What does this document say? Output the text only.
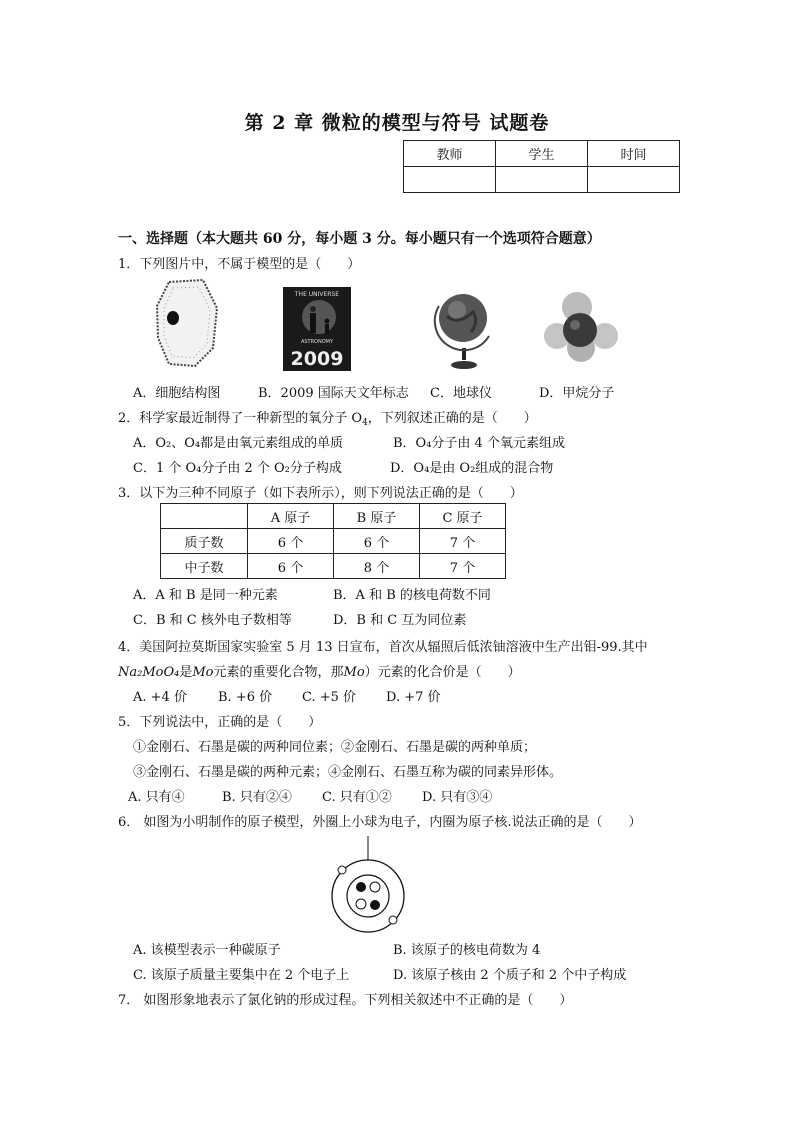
第 2 章 微粒的模型与符号 试题卷
教师	学生	时间

一、选择题（本大题共 60 分，每小题 3 分。每小题只有一个选项符合题意）
1．下列图片中，不属于模型的是（　　）
THE UNIVERSE
ASTRONOMY
2009
A．细胞结构图	B．2009 国际天文年标志 C．地球仪	D．甲烷分子
2．科学家最近制得了一种新型的氧分子 $O_4$，下列叙述正确的是（　　）
A．O₂、O₄都是由氧元素组成的单质	B．O₄分子由 4 个氧元素组成
C．1 个 O₄分子由 2 个 O₂分子构成	D．O₄是由 O₂组成的混合物
3．以下为三种不同原子（如下表所示），则下列说法正确的是（　　）
	A 原子	B 原子	C 原子
质子数	6 个	6 个	7 个
中子数	6 个	8 个	7 个
A．A 和 B 是同一种元素	B．A 和 B 的核电荷数不同
C．B 和 C 核外电子数相等	D．B 和 C 互为同位素
4．美国阿拉莫斯国家实验室 5 月 13 日宣布，首次从辐照后低浓铀溶液中生产出钼-99.其中
Na₂MoO₄是Mo元素的重要化合物，那Mo）元素的化合价是（　　）
A. +4 价 B. +6 价 C. +5 价 D. +7 价
5．下列说法中，正确的是（　　）
①金刚石、石墨是碳的两种同位素；②金刚石、石墨是碳的两种单质；
③金刚石、石墨是碳的两种元素；④金刚石、石墨互称为碳的同素异形体。
A. 只有④	B. 只有②④ C. 只有①② D. 只有③④
6． 如图为小明制作的原子模型，外圈上小球为电子，内圈为原子核.说法正确的是（　　）
A. 该模型表示一种碳原子	B. 该原子的核电荷数为 4
C. 该原子质量主要集中在 2 个电子上	D. 该原子核由 2 个质子和 2 个中子构成
7． 如图形象地表示了氯化钠的形成过程。下列相关叙述中不正确的是（　　）
